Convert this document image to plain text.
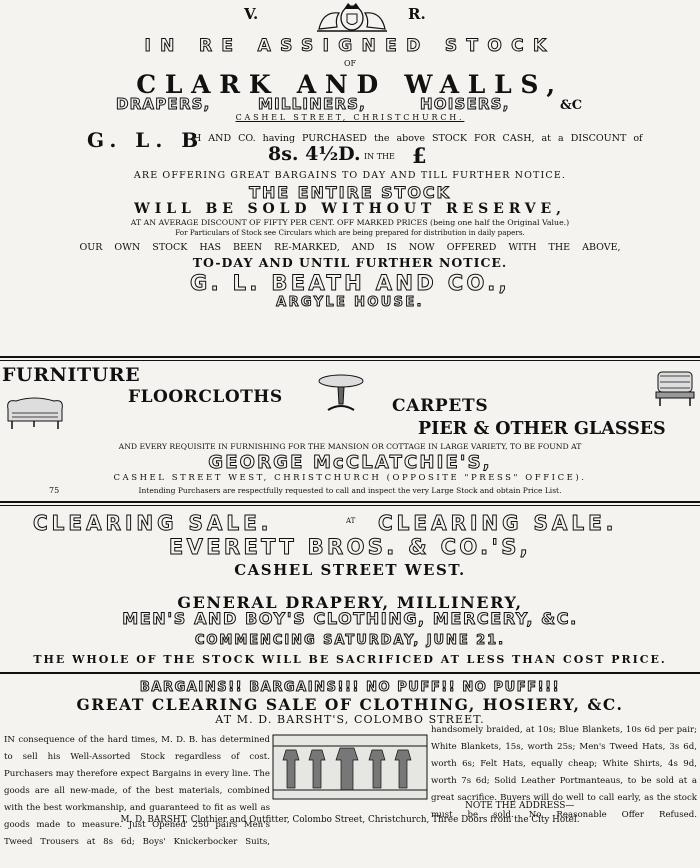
V.	R.
IN RE ASSIGNED STOCK
OF
CLARK AND WALLS,
DRAPERS,	MILLINERS,	HOISERS,	&C
CASHEL STREET, CHRISTCHURCH.
G. L. B
H AND CO. having PURCHASED the above STOCK FOR CASH, at a DISCOUNT of
8s. 4½D. IN THE £
ARE OFFERING GREAT BARGAINS TO DAY AND TILL FURTHER NOTICE.
THE ENTIRE STOCK
WILL BE SOLD WITHOUT RESERVE,
AT AN AVERAGE DISCOUNT OF FIFTY PER CENT. OFF MARKED PRICES (being one half the Original Value.)
For Particulars of Stock see Circulars which are being prepared for distribution in daily papers.
OUR OWN STOCK HAS BEEN RE-MARKED, AND IS NOW OFFERED WITH THE ABOVE,
TO-DAY AND UNTIL FURTHER NOTICE.
G. L. BEATH AND CO.,
ARGYLE HOUSE.
FURNITURE
FLOORCLOTHS	CARPETS
PIER & OTHER GLASSES
AND EVERY REQUISITE IN FURNISHING FOR THE MANSION OR COTTAGE IN LARGE VARIETY, TO BE FOUND AT
GEORGE McCLATCHIE'S,
CASHEL STREET WEST, CHRISTCHURCH (OPPOSITE "PRESS" OFFICE).
75	Intending Purchasers are respectfully requested to call and inspect the very Large Stock and obtain Price List.
CLEARING SALE.	AT CLEARING SALE.
EVERETT BROS. & CO.'S,
CASHEL STREET WEST.
GENERAL DRAPERY, MILLINERY,
MEN'S AND BOY'S CLOTHING, MERCERY, &C.
COMMENCING SATURDAY, JUNE 21.
THE WHOLE OF THE STOCK WILL BE SACRIFICED AT LESS THAN COST PRICE.
BARGAINS!! BARGAINS!!! NO PUFF!! NO PUFF!!!
GREAT CLEARING SALE OF CLOTHING, HOSIERY, &C.
AT M. D. BARSHT'S, COLOMBO STREET.
IN consequence of the hard times, M. D. B. has determined to sell his Well-Assorted Stock regardless of cost. Purchasers may therefore expect Bargains in every line. The goods are all new-made, of the best materials, combined with the best workmanship, and guaranteed to fit as well as goods made to measure. Just Opened 250 pairs Men's Tweed Trousers at 8s 6d; Boys' Knickerbocker Suits,
handsomely braided, at 10s; Blue Blankets, 10s 6d per pair; White Blankets, 15s, worth 25s; Men's Tweed Hats, 3s 6d, worth 6s; Felt Hats, equally cheap; White Shirts, 4s 9d, worth 7s 6d; Solid Leather Portmanteaus, to be sold at a great sacrifice. Buyers will do well to call early, as the stock must be sold. No Reasonable Offer Refused.
NOTE THE ADDRESS—
M. D. BARSHT, Clothier and Outfitter, Colombo Street, Christchurch, Three Doors from the City Hotel.
